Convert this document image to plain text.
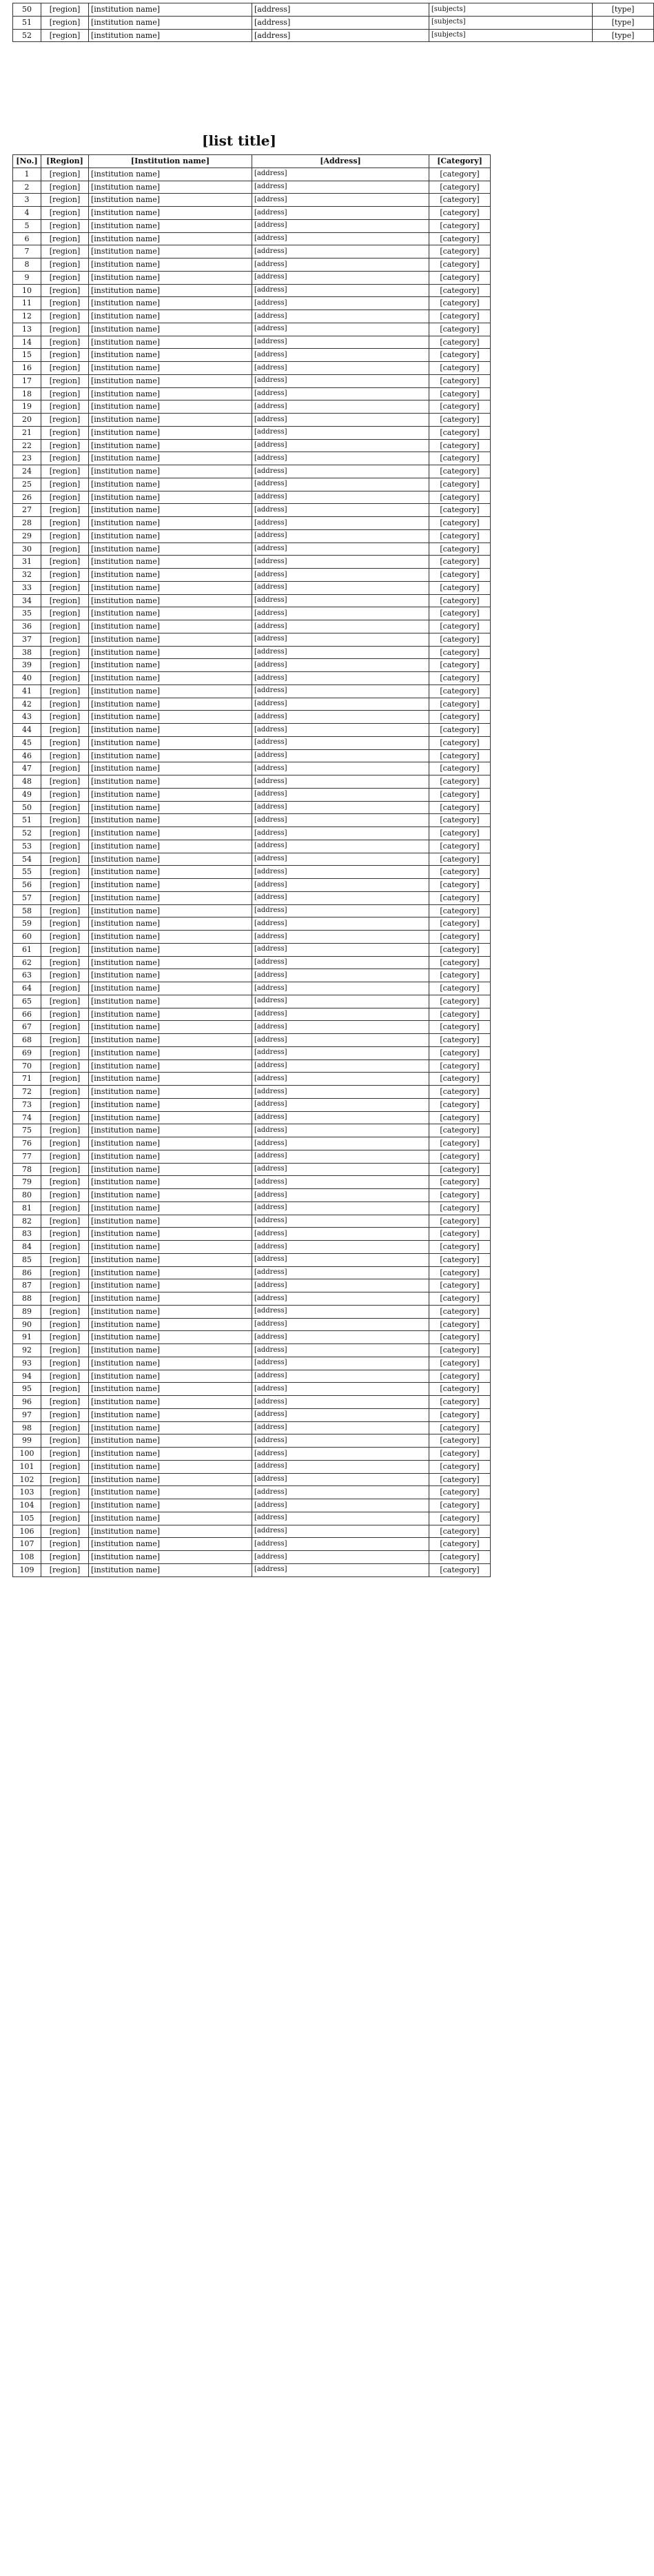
50	[region]	[institution name]	[address]	[subjects]	[type]
51	[region]	[institution name]	[address]	[subjects]	[type]
52	[region]	[institution name]	[address]	[subjects]	[type]
[list title]
[No.]	[Region]	[Institution name]	[Address]	[Category]
1	[region]	[institution name]	[address]	[category]
2	[region]	[institution name]	[address]	[category]
3	[region]	[institution name]	[address]	[category]
4	[region]	[institution name]	[address]	[category]
5	[region]	[institution name]	[address]	[category]
6	[region]	[institution name]	[address]	[category]
7	[region]	[institution name]	[address]	[category]
8	[region]	[institution name]	[address]	[category]
9	[region]	[institution name]	[address]	[category]
10	[region]	[institution name]	[address]	[category]
11	[region]	[institution name]	[address]	[category]
12	[region]	[institution name]	[address]	[category]
13	[region]	[institution name]	[address]	[category]
14	[region]	[institution name]	[address]	[category]
15	[region]	[institution name]	[address]	[category]
16	[region]	[institution name]	[address]	[category]
17	[region]	[institution name]	[address]	[category]
18	[region]	[institution name]	[address]	[category]
19	[region]	[institution name]	[address]	[category]
20	[region]	[institution name]	[address]	[category]
21	[region]	[institution name]	[address]	[category]
22	[region]	[institution name]	[address]	[category]
23	[region]	[institution name]	[address]	[category]
24	[region]	[institution name]	[address]	[category]
25	[region]	[institution name]	[address]	[category]
26	[region]	[institution name]	[address]	[category]
27	[region]	[institution name]	[address]	[category]
28	[region]	[institution name]	[address]	[category]
29	[region]	[institution name]	[address]	[category]
30	[region]	[institution name]	[address]	[category]
31	[region]	[institution name]	[address]	[category]
32	[region]	[institution name]	[address]	[category]
33	[region]	[institution name]	[address]	[category]
34	[region]	[institution name]	[address]	[category]
35	[region]	[institution name]	[address]	[category]
36	[region]	[institution name]	[address]	[category]
37	[region]	[institution name]	[address]	[category]
38	[region]	[institution name]	[address]	[category]
39	[region]	[institution name]	[address]	[category]
40	[region]	[institution name]	[address]	[category]
41	[region]	[institution name]	[address]	[category]
42	[region]	[institution name]	[address]	[category]
43	[region]	[institution name]	[address]	[category]
44	[region]	[institution name]	[address]	[category]
45	[region]	[institution name]	[address]	[category]
46	[region]	[institution name]	[address]	[category]
47	[region]	[institution name]	[address]	[category]
48	[region]	[institution name]	[address]	[category]
49	[region]	[institution name]	[address]	[category]
50	[region]	[institution name]	[address]	[category]
51	[region]	[institution name]	[address]	[category]
52	[region]	[institution name]	[address]	[category]
53	[region]	[institution name]	[address]	[category]
54	[region]	[institution name]	[address]	[category]
55	[region]	[institution name]	[address]	[category]
56	[region]	[institution name]	[address]	[category]
57	[region]	[institution name]	[address]	[category]
58	[region]	[institution name]	[address]	[category]
59	[region]	[institution name]	[address]	[category]
60	[region]	[institution name]	[address]	[category]
61	[region]	[institution name]	[address]	[category]
62	[region]	[institution name]	[address]	[category]
63	[region]	[institution name]	[address]	[category]
64	[region]	[institution name]	[address]	[category]
65	[region]	[institution name]	[address]	[category]
66	[region]	[institution name]	[address]	[category]
67	[region]	[institution name]	[address]	[category]
68	[region]	[institution name]	[address]	[category]
69	[region]	[institution name]	[address]	[category]
70	[region]	[institution name]	[address]	[category]
71	[region]	[institution name]	[address]	[category]
72	[region]	[institution name]	[address]	[category]
73	[region]	[institution name]	[address]	[category]
74	[region]	[institution name]	[address]	[category]
75	[region]	[institution name]	[address]	[category]
76	[region]	[institution name]	[address]	[category]
77	[region]	[institution name]	[address]	[category]
78	[region]	[institution name]	[address]	[category]
79	[region]	[institution name]	[address]	[category]
80	[region]	[institution name]	[address]	[category]
81	[region]	[institution name]	[address]	[category]
82	[region]	[institution name]	[address]	[category]
83	[region]	[institution name]	[address]	[category]
84	[region]	[institution name]	[address]	[category]
85	[region]	[institution name]	[address]	[category]
86	[region]	[institution name]	[address]	[category]
87	[region]	[institution name]	[address]	[category]
88	[region]	[institution name]	[address]	[category]
89	[region]	[institution name]	[address]	[category]
90	[region]	[institution name]	[address]	[category]
91	[region]	[institution name]	[address]	[category]
92	[region]	[institution name]	[address]	[category]
93	[region]	[institution name]	[address]	[category]
94	[region]	[institution name]	[address]	[category]
95	[region]	[institution name]	[address]	[category]
96	[region]	[institution name]	[address]	[category]
97	[region]	[institution name]	[address]	[category]
98	[region]	[institution name]	[address]	[category]
99	[region]	[institution name]	[address]	[category]
100	[region]	[institution name]	[address]	[category]
101	[region]	[institution name]	[address]	[category]
102	[region]	[institution name]	[address]	[category]
103	[region]	[institution name]	[address]	[category]
104	[region]	[institution name]	[address]	[category]
105	[region]	[institution name]	[address]	[category]
106	[region]	[institution name]	[address]	[category]
107	[region]	[institution name]	[address]	[category]
108	[region]	[institution name]	[address]	[category]
109	[region]	[institution name]	[address]	[category]
